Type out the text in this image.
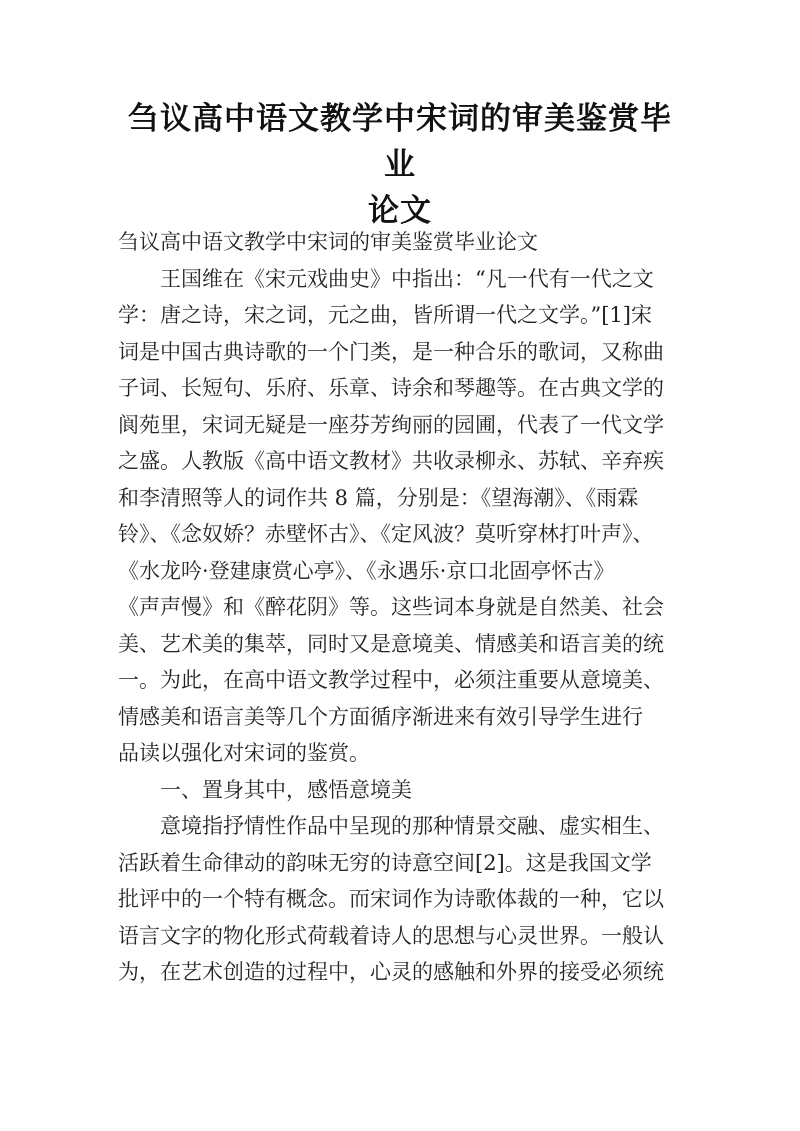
刍议高中语文教学中宋词的审美鉴赏毕业
论文

刍议高中语文教学中宋词的审美鉴赏毕业论文

王国维在《宋元戏曲史》中指出：“凡一代有一代之文
学：唐之诗，宋之词，元之曲，皆所谓一代之文学。”[1]宋
词是中国古典诗歌的一个门类，是一种合乐的歌词，又称曲
子词、长短句、乐府、乐章、诗余和琴趣等。在古典文学的
阆苑里，宋词无疑是一座芬芳绚丽的园圃，代表了一代文学
之盛。人教版《高中语文教材》共收录柳永、苏轼、辛弃疾
和李清照等人的词作共 8 篇，分别是：《望海潮》、《雨霖
铃》、《念奴娇？赤壁怀古》、《定风波？莫听穿林打叶声》、
《水龙吟·登建康赏心亭》、《永遇乐·京口北固亭怀古》
《声声慢》和《醉花阴》等。这些词本身就是自然美、社会
美、艺术美的集萃，同时又是意境美、情感美和语言美的统
一。为此，在高中语文教学过程中，必须注重要从意境美、
情感美和语言美等几个方面循序渐进来有效引导学生进行
品读以强化对宋词的鉴赏。

一、置身其中，感悟意境美

意境指抒情性作品中呈现的那种情景交融、虚实相生、
活跃着生命律动的韵味无穷的诗意空间[2]。这是我国文学
批评中的一个特有概念。而宋词作为诗歌体裁的一种，它以
语言文字的物化形式荷载着诗人的思想与心灵世界。一般认
为，在艺术创造的过程中，心灵的感触和外界的接受必须统
